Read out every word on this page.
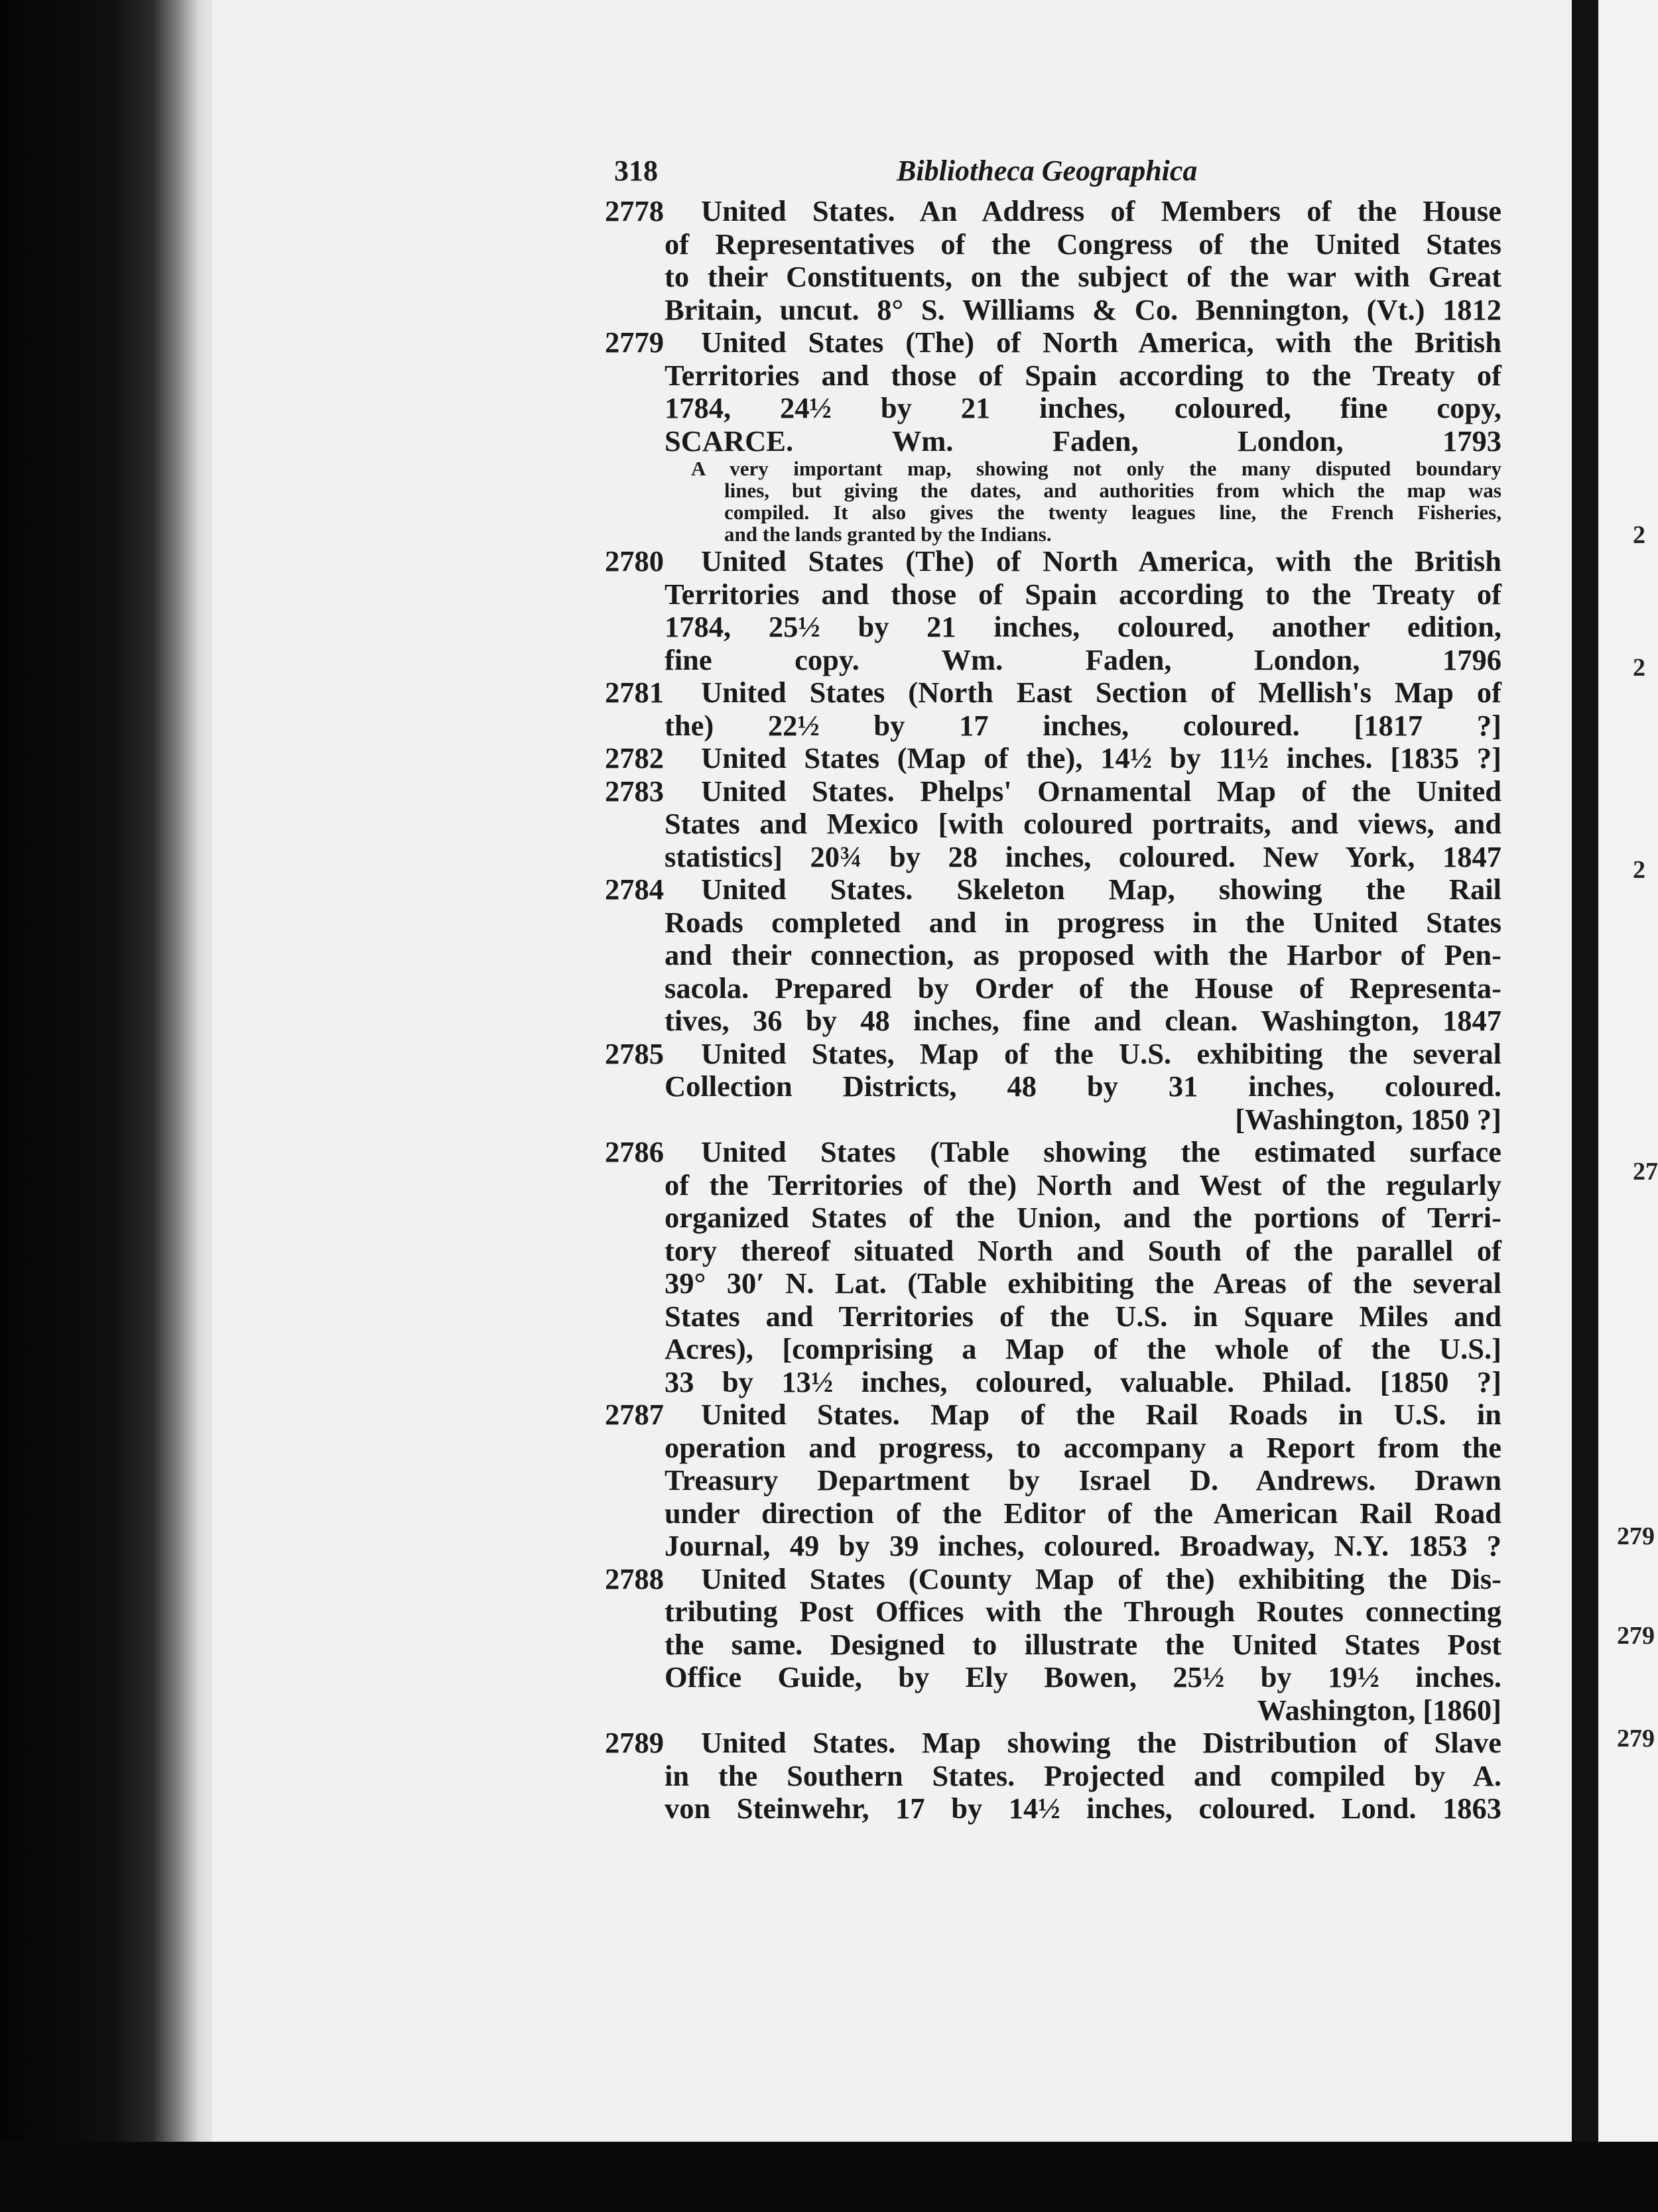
2
2
2
27
279
279
279
318	Bibliotheca Geographica
2778	United States. An Address of Members of the House
of Representatives of the Congress of the United States
to their Constituents, on the subject of the war with Great
Britain, uncut. 8° S. Williams & Co. Bennington, (Vt.) 1812
2779	United States (The) of North America, with the British
Territories and those of Spain according to the Treaty of
1784, 24½ by 21 inches, coloured, fine copy,
SCARCE. Wm. Faden, London, 1793
A very important map, showing not only the many disputed boundary
lines, but giving the dates, and authorities from which the map was
compiled. It also gives the twenty leagues line, the French Fisheries,
and the lands granted by the Indians.
2780	United States (The) of North America, with the British
Territories and those of Spain according to the Treaty of
1784, 25½ by 21 inches, coloured, another edition,
fine copy. Wm. Faden, London, 1796
2781	United States (North East Section of Mellish's Map of
the) 22½ by 17 inches, coloured. [1817 ?]
2782	United States (Map of the), 14½ by 11½ inches. [1835 ?]
2783	United States. Phelps' Ornamental Map of the United
States and Mexico [with coloured portraits, and views, and
statistics] 20¾ by 28 inches, coloured. New York, 1847
2784	United States. Skeleton Map, showing the Rail
Roads completed and in progress in the United States
and their connection, as proposed with the Harbor of Pen-
sacola. Prepared by Order of the House of Representa-
tives, 36 by 48 inches, fine and clean. Washington, 1847
2785	United States, Map of the U.S. exhibiting the several
Collection Districts, 48 by 31 inches, coloured.
[Washington, 1850 ?]
2786	United States (Table showing the estimated surface
of the Territories of the) North and West of the regularly
organized States of the Union, and the portions of Terri-
tory thereof situated North and South of the parallel of
39° 30′ N. Lat. (Table exhibiting the Areas of the several
States and Territories of the U.S. in Square Miles and
Acres), [comprising a Map of the whole of the U.S.]
33 by 13½ inches, coloured, valuable. Philad. [1850 ?]
2787	United States. Map of the Rail Roads in U.S. in
operation and progress, to accompany a Report from the
Treasury Department by Israel D. Andrews. Drawn
under direction of the Editor of the American Rail Road
Journal, 49 by 39 inches, coloured. Broadway, N.Y. 1853 ?
2788	United States (County Map of the) exhibiting the Dis-
tributing Post Offices with the Through Routes connecting
the same. Designed to illustrate the United States Post
Office Guide, by Ely Bowen, 25½ by 19½ inches.
Washington, [1860]
2789	United States. Map showing the Distribution of Slave
in the Southern States. Projected and compiled by A.
von Steinwehr, 17 by 14½ inches, coloured. Lond. 1863
